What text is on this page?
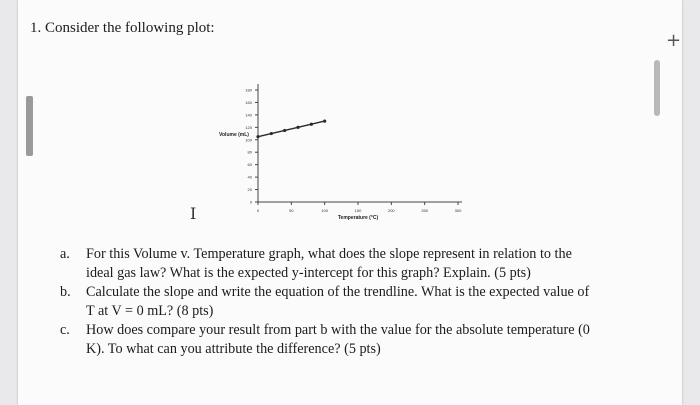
1. Consider the following plot:
+
I	0	50	100	150	200	250	300
0
20
40
60
80
100
120
140
160
180
Temperature (°C)
Volume (mL)
a.	For this Volume v. Temperature graph, what does the slope represent in relation to the
ideal gas law? What is the expected y-intercept for this graph? Explain. (5 pts)
b.	Calculate the slope and write the equation of the trendline. What is the expected value of
T at V = 0 mL? (8 pts)
c.	How does compare your result from part b with the value for the absolute temperature (0
K). To what can you attribute the difference? (5 pts)
